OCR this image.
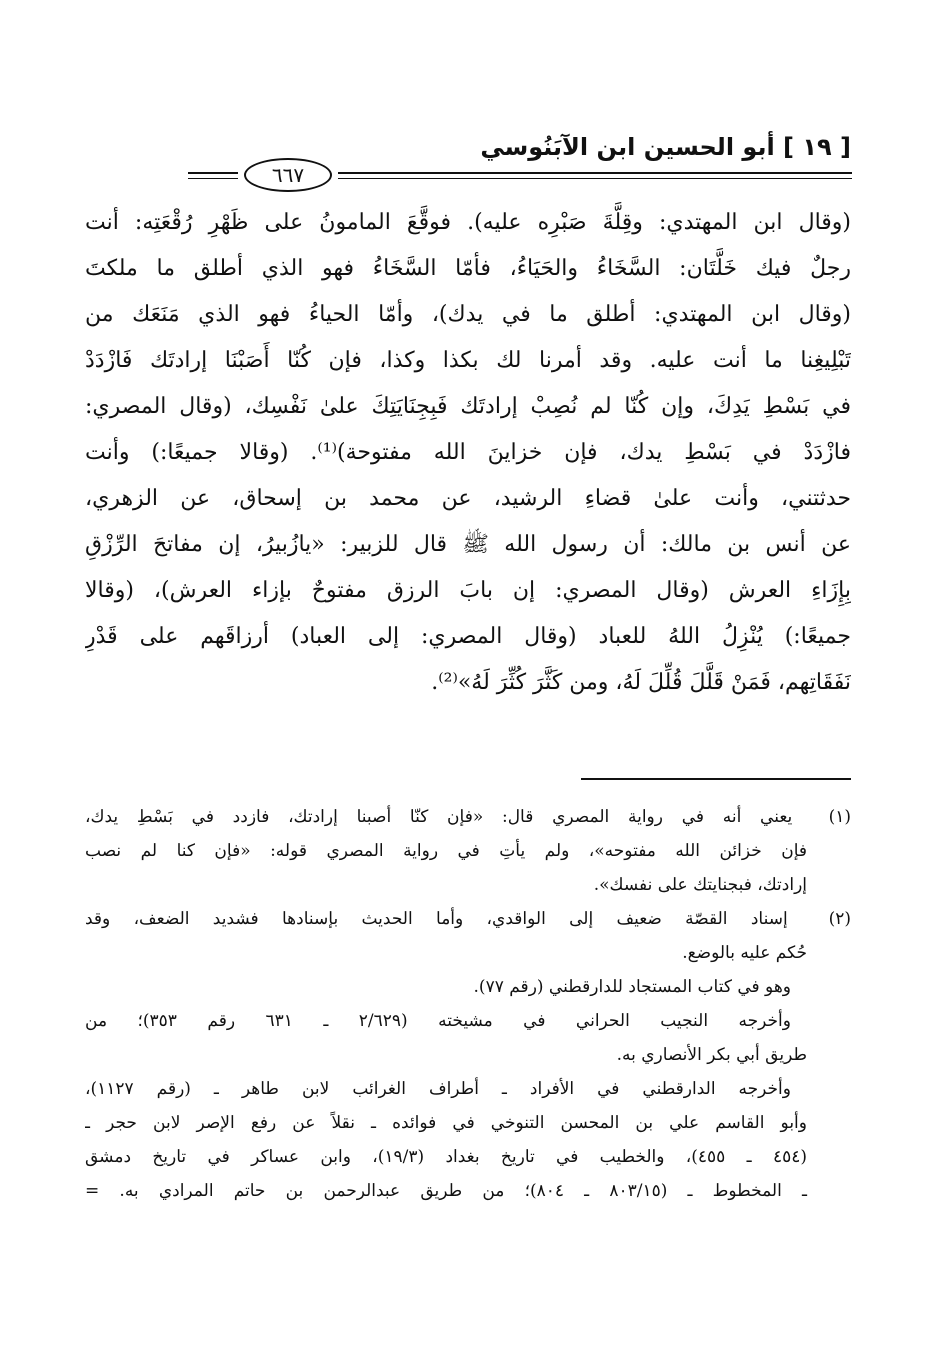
[ ١٩ ] أبو الحسين ابن الآبَنُوسي
٦٦٧
(وقال ابن المهتدي: وقِلَّةَ صَبْرِه عليه). فوقَّعَ المامونُ على ظَهْرِ رُقْعَتِه: أنت
رجلٌ فيك خَلَّتَان: السَّخَاءُ والحَيَاءُ، فأمّا السَّخَاءُ فهو الذي أطلق ما ملكتَ
(وقال ابن المهتدي: أطلق ما في يدك)، وأمّا الحياءُ فهو الذي مَنَعَك من
تَبْلِيغِنا ما أنت عليه. وقد أمرنا لك بكذا وكذا، فإن كُنّا أَصَبْنَا إرادتَك فَازْدَدْ
في بَسْطِ يَدِكَ، وإن كُنّا لم نُصِبْ إرادتَك فَبِجِنَايَتِكَ علىٰ نَفْسِك، (وقال المصري:
فازْدَدْ في بَسْطِ يدك، فإن خزاينَ الله مفتوحة)⁽¹⁾. (وقالا جميعًا:) وأنت
حدثتني، وأنت علىٰ قضاءِ الرشيد، عن محمد بن إسحاق، عن الزهري،
عن أنس بن مالك: أن رسول الله ﷺ قال للزبير: «يازُبيرُ، إن مفاتحَ الرِّزْقِ
بِإِزَاءِ العرش (وقال المصري: إن بابَ الرزق مفتوحٌ بإزاء العرش)، (وقالا
جميعًا:) يُنْزِلُ اللهُ للعباد (وقال المصري: إلى العباد) أرزاقَهم على قَدْرِ
نَفَقَاتِهم، فَمَنْ قَلَّلَ قُلِّلَ لَهُ، ومن كَثَّرَ كُثِّرَ لَهُ»⁽²⁾.
(١) يعني أنه في رواية المصري قال: «فإن كنّا أصبنا إرادتك، فازدد في بَسْطِ يدك،
فإن خزائن الله مفتوحه»، ولم يأتِ في رواية المصري قوله: «فإن كنا لم نصب
إرادتك، فبجنايتك على نفسك».
(٢) إسناد القصّة ضعيف إلى الواقدي، وأما الحديث بإسنادها فشديد الضعف، وقد
حُكم عليه بالوضع.
وهو في كتاب المستجاد للدارقطني (رقم ٧٧).
وأخرجه النجيب الحراني في مشيخته (٢/٦٢٩ ـ ٦٣١ رقم ٣٥٣)؛ من
طريق أبي بكر الأنصاري به.
وأخرجه الدارقطني في الأفراد ـ أطراف الغرائب لابن طاهر ـ (رقم ١١٢٧)،
وأبو القاسم علي بن المحسن التنوخي في فوائده ـ نقلاً عن رفع الإصر لابن حجر ـ
(٤٥٤ ـ ٤٥٥)، والخطيب في تاريخ بغداد (١٩/٣)، وابن عساكر في تاريخ دمشق
ـ المخطوط ـ (٨٠٣/١٥ ـ ٨٠٤)؛ من طريق عبدالرحمن بن حاتم المرادي به. =
